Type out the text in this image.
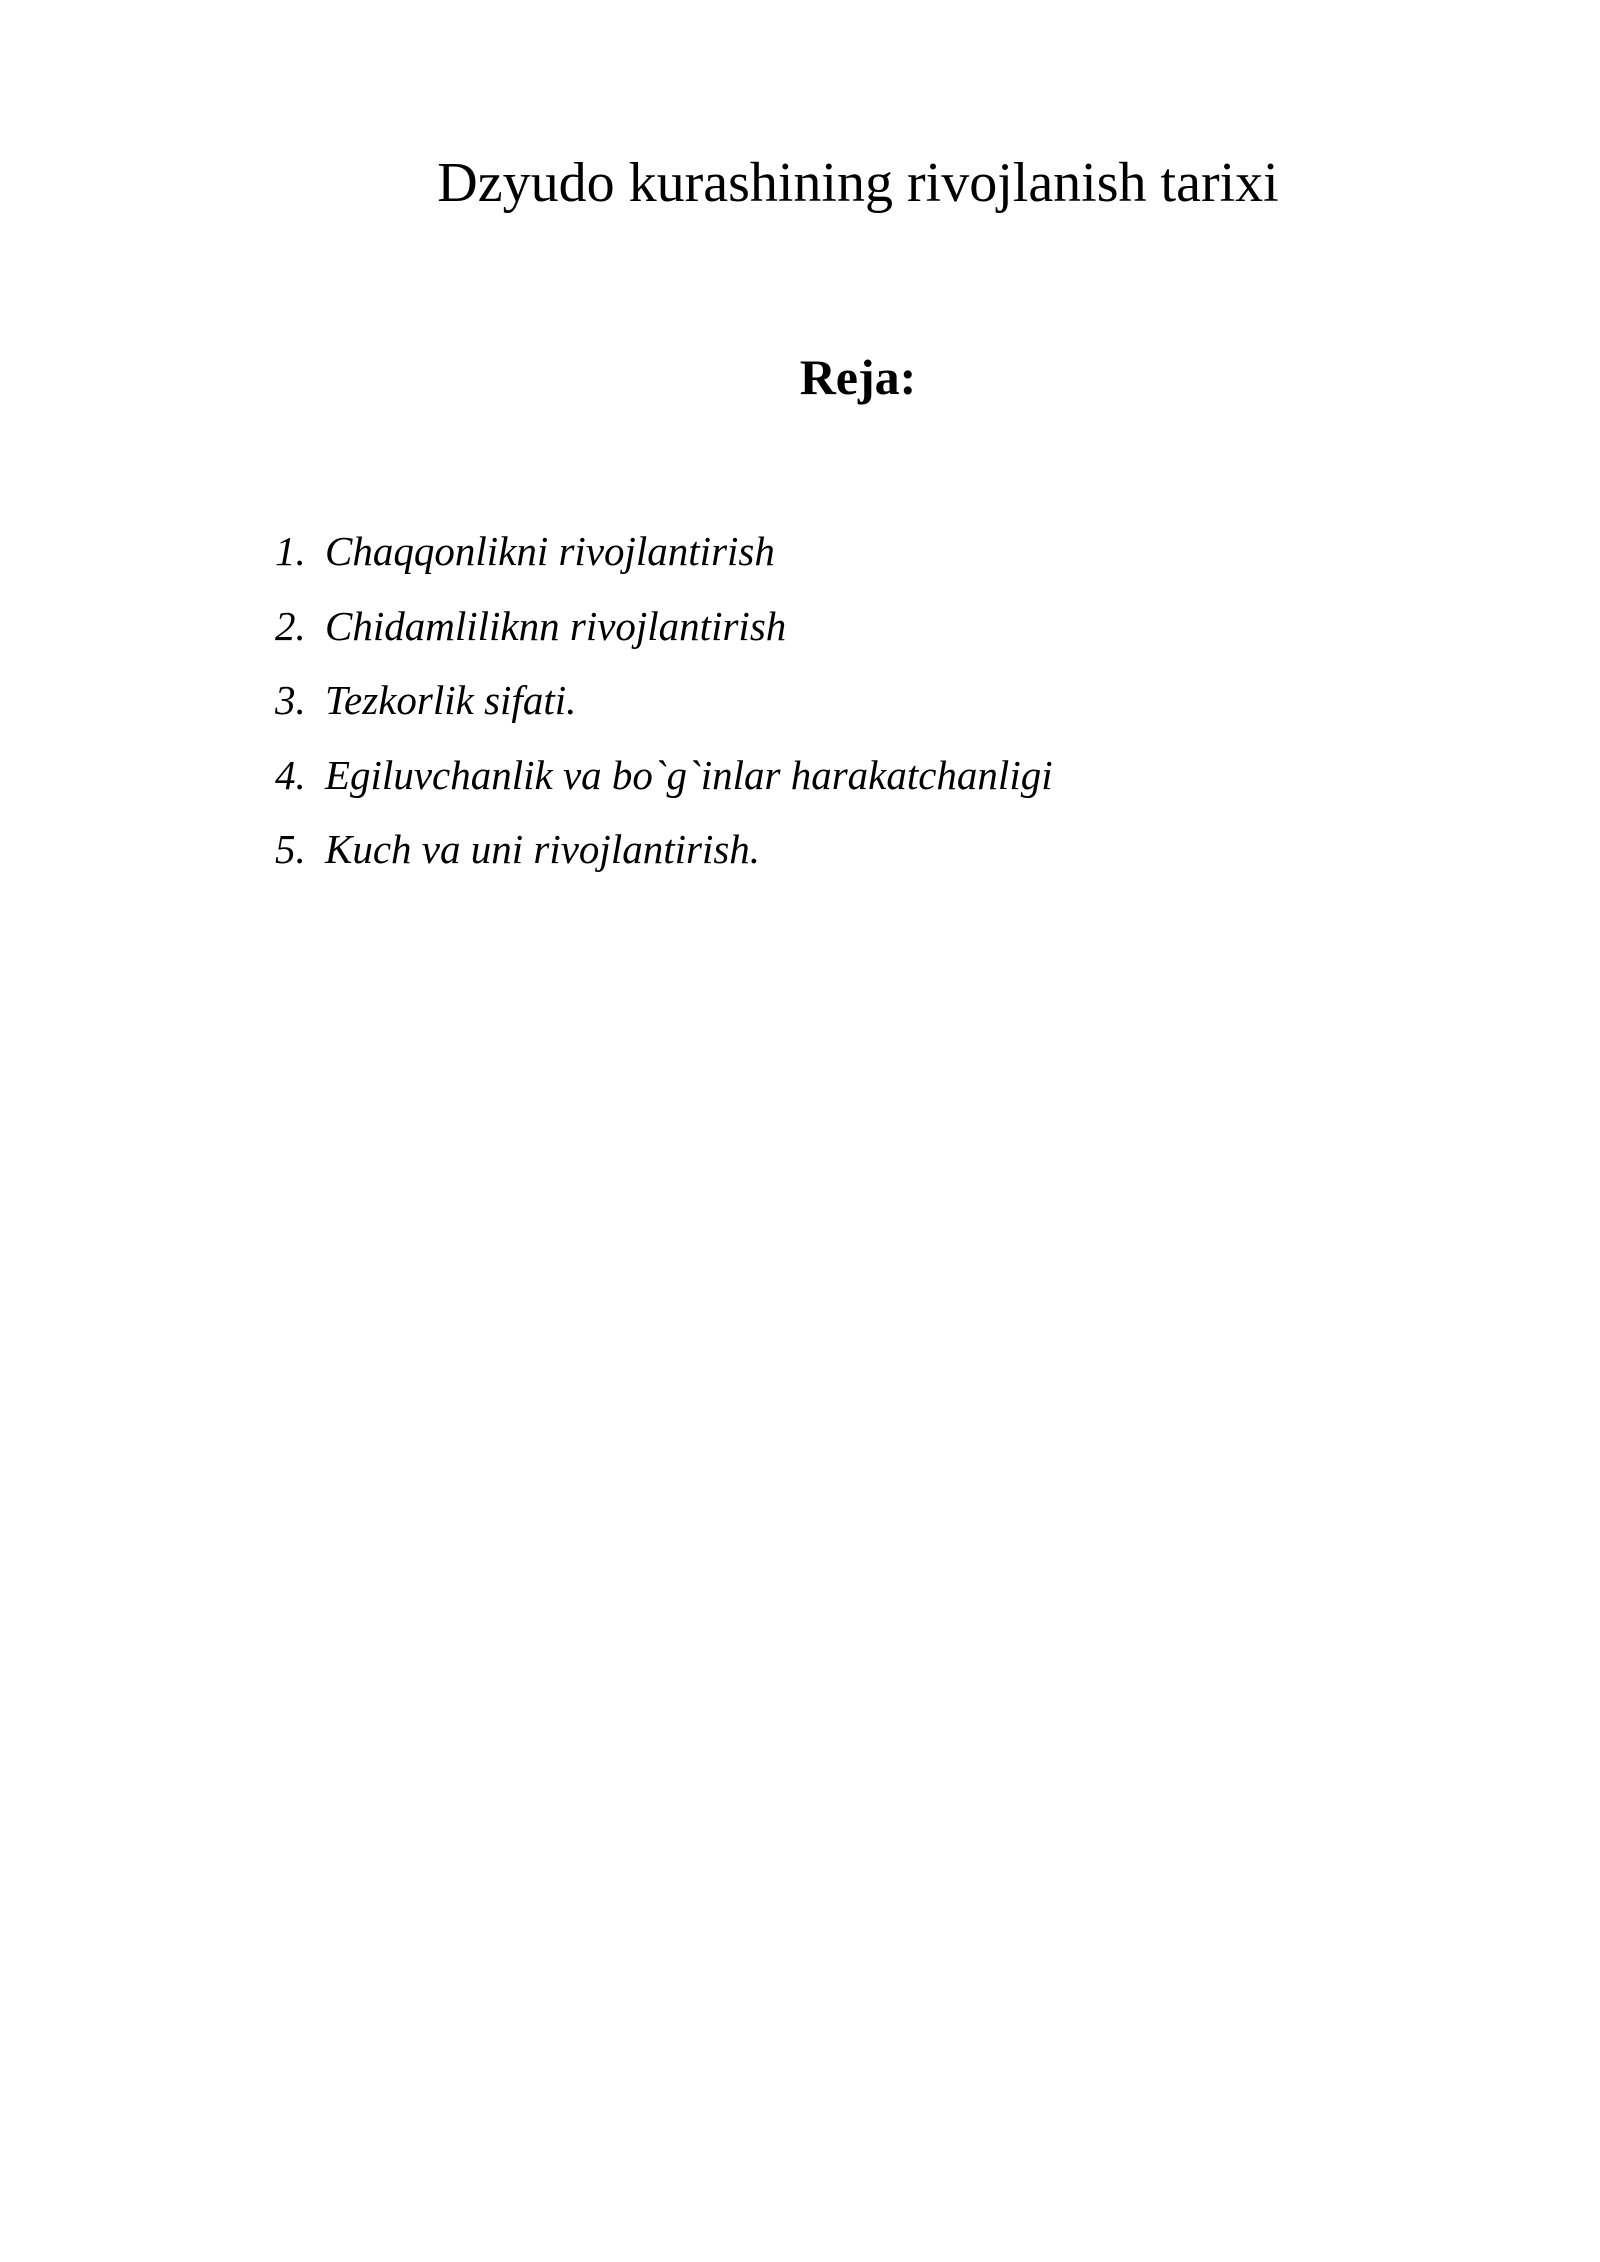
Dzyudo kurashining rivojlanish tarixi
Reja:
1. Chaqqonlikni rivojlantirish
2. Chidamliliknn rivojlantirish
3. Tezkorlik sifati.
4. Egiluvchanlik va bo`g`inlar harakatchanligi
5. Kuch va uni rivojlantirish.
